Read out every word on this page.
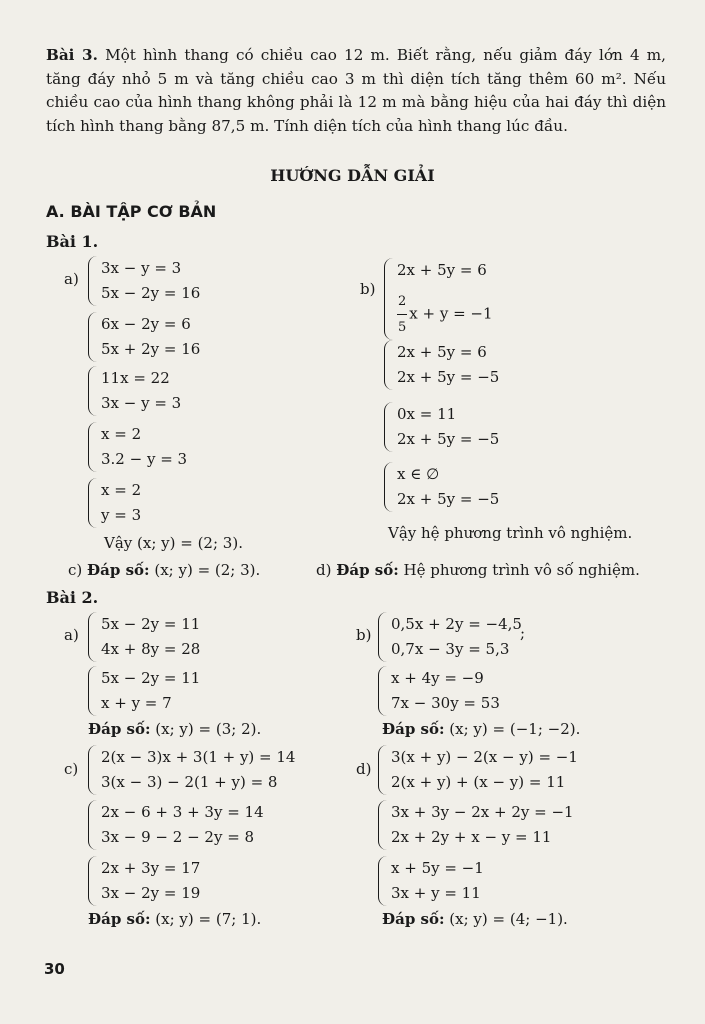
Bài 3. Một hình thang có chiều cao 12 m. Biết rằng, nếu giảm đáy lớn 4 m, tăng đáy nhỏ 5 m và tăng chiều cao 3 m thì diện tích tăng thêm 60 m². Nếu chiều cao của hình thang không phải là 12 m mà bằng hiệu của hai đáy thì diện tích hình thang bằng 87,5 m. Tính diện tích của hình thang lúc đầu.
HƯỚNG DẪN GIẢI
A. BÀI TẬP CƠ BẢN
Bài 1.
a)
3x − y = 3
5x − 2y = 16
6x − 2y = 6
5x + 2y = 16
11x = 22
3x − y = 3
x = 2
3.2 − y = 3
x = 2
y = 3
Vậy (x; y) = (2; 3).
b)
2x + 5y = 6
$\frac{2}{5}$ x + y = −1
2x + 5y = 6
2x + 5y = −5
0x = 11
2x + 5y = −5
x ∈ ∅
2x + 5y = −5
Vậy hệ phương trình vô nghiệm.
c) Đáp số: (x; y) = (2; 3).	d) Đáp số: Hệ phương trình vô số nghiệm.
Bài 2.
a)
5x − 2y = 11
4x + 8y = 28
5x − 2y = 11
x + y = 7
Đáp số: (x; y) = (3; 2).
b)
0,5x + 2y = −4,5
0,7x − 3y = 5,3
;
x + 4y = −9
7x − 30y = 53
Đáp số: (x; y) = (−1; −2).
c)
2(x − 3)x + 3(1 + y) = 14
3(x − 3) − 2(1 + y) = 8
2x − 6 + 3 + 3y = 14
3x − 9 − 2 − 2y = 8
2x + 3y = 17
3x − 2y = 19
Đáp số: (x; y) = (7; 1).
d)
3(x + y) − 2(x − y) = −1
2(x + y) + (x − y) = 11
3x + 3y − 2x + 2y = −1
2x + 2y + x − y = 11
x + 5y = −1
3x + y = 11
Đáp số: (x; y) = (4; −1).
30
